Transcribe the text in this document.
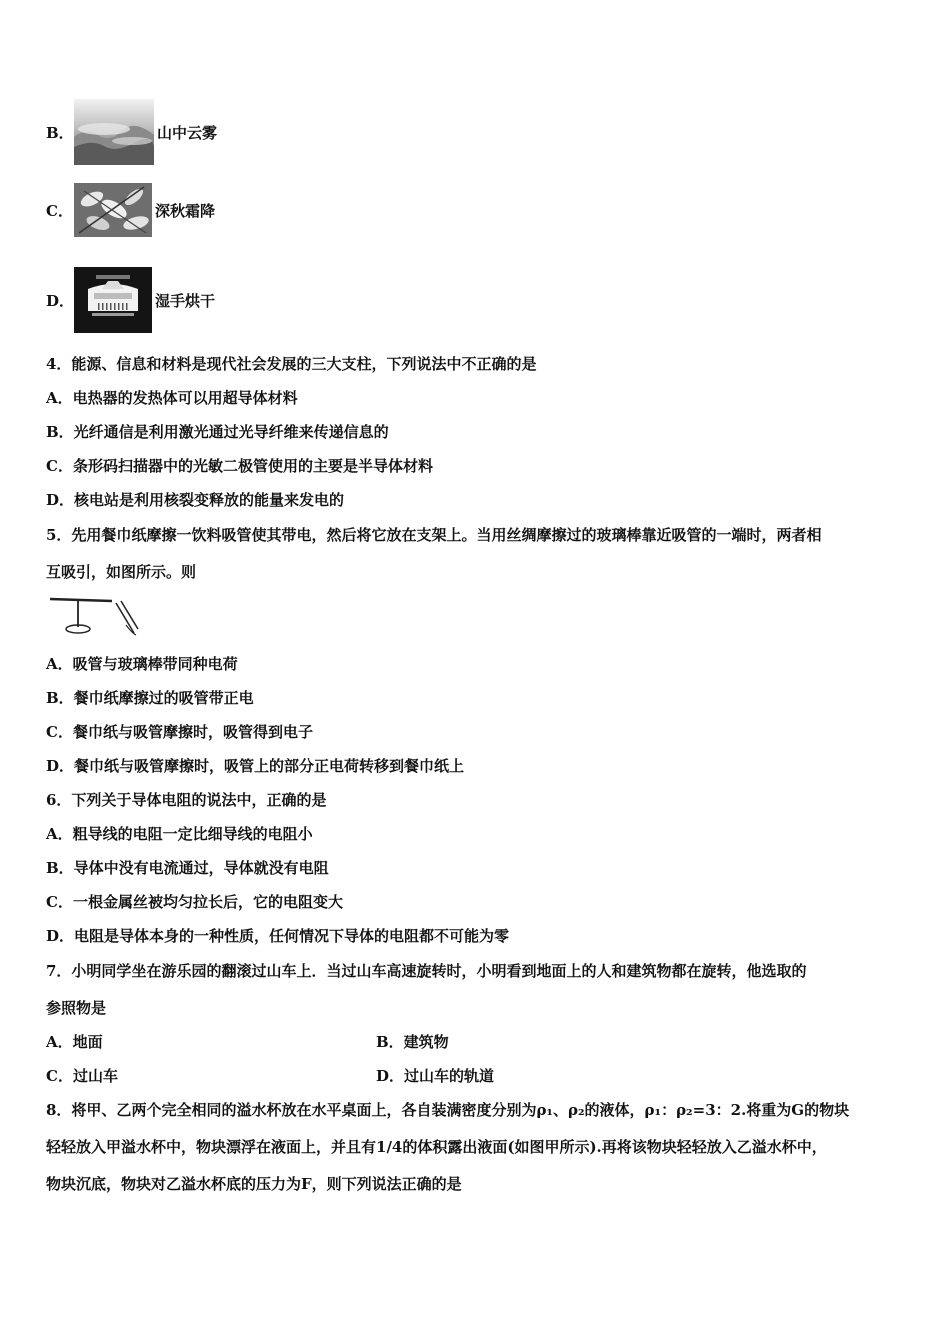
B．	山中云雾
C．	深秋霜降
D．	湿手烘干
4．能源、信息和材料是现代社会发展的三大支柱，下列说法中不正确的是
A．电热器的发热体可以用超导体材料
B．光纤通信是利用激光通过光导纤维来传递信息的
C．条形码扫描器中的光敏二极管使用的主要是半导体材料
D．核电站是利用核裂变释放的能量来发电的
5．先用餐巾纸摩擦一饮料吸管使其带电，然后将它放在支架上。当用丝绸摩擦过的玻璃棒靠近吸管的一端时，两者相
互吸引，如图所示。则
A．吸管与玻璃棒带同种电荷
B．餐巾纸摩擦过的吸管带正电
C．餐巾纸与吸管摩擦时，吸管得到电子
D．餐巾纸与吸管摩擦时，吸管上的部分正电荷转移到餐巾纸上
6．下列关于导体电阻的说法中，正确的是
A．粗导线的电阻一定比细导线的电阻小
B．导体中没有电流通过，导体就没有电阻
C．一根金属丝被均匀拉长后，它的电阻变大
D．电阻是导体本身的一种性质，任何情况下导体的电阻都不可能为零
7．小明同学坐在游乐园的翻滚过山车上．当过山车高速旋转时，小明看到地面上的人和建筑物都在旋转，他选取的
参照物是
A．地面	B．建筑物
C．过山车	D．过山车的轨道
8．将甲、乙两个完全相同的溢水杯放在水平桌面上，各自装满密度分别为ρ₁、ρ₂的液体，ρ₁：ρ₂=3：2.将重为G的物块
轻轻放入甲溢水杯中，物块漂浮在液面上，并且有1/4的体积露出液面(如图甲所示).再将该物块轻轻放入乙溢水杯中，
物块沉底，物块对乙溢水杯底的压力为F，则下列说法正确的是
